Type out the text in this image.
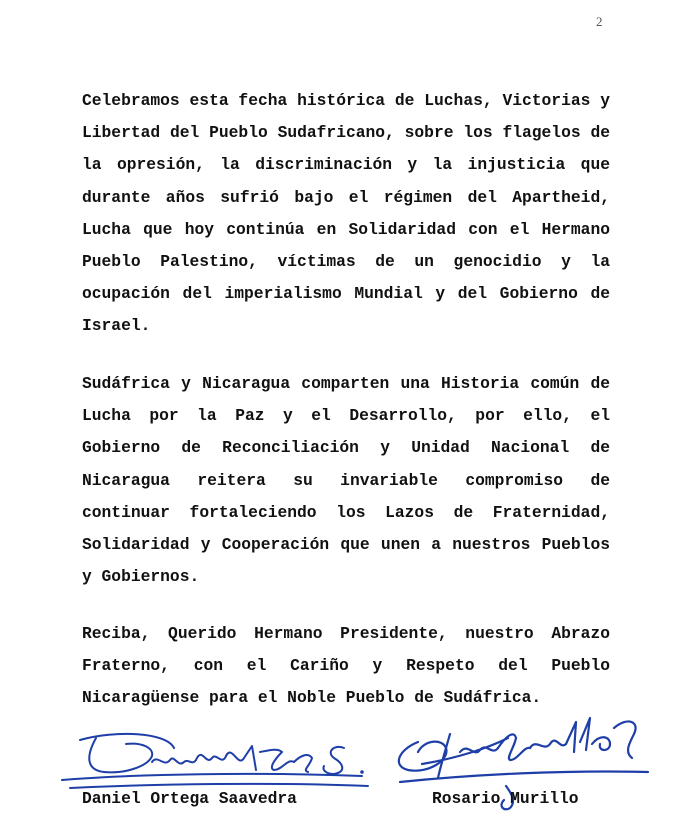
2

Celebramos esta fecha histórica de Luchas, Victorias y Libertad del Pueblo Sudafricano, sobre los flagelos de la opresión, la discriminación y la injusticia que durante años sufrió bajo el régimen del Apartheid, Lucha que hoy continúa en Solidaridad con el Hermano Pueblo Palestino, víctimas de un genocidio y la ocupación del imperialismo Mundial y del Gobierno de Israel.

Sudáfrica y Nicaragua comparten una Historia común de Lucha por la Paz y el Desarrollo, por ello, el Gobierno de Reconciliación y Unidad Nacional de Nicaragua reitera su invariable compromiso de continuar fortaleciendo los Lazos de Fraternidad, Solidaridad y Cooperación que unen a nuestros Pueblos y Gobiernos.

Reciba, Querido Hermano Presidente, nuestro Abrazo Fraterno, con el Cariño y Respeto del Pueblo Nicaragüense para el Noble Pueblo de Sudáfrica.

Daniel Ortega Saavedra	Rosario Murillo
